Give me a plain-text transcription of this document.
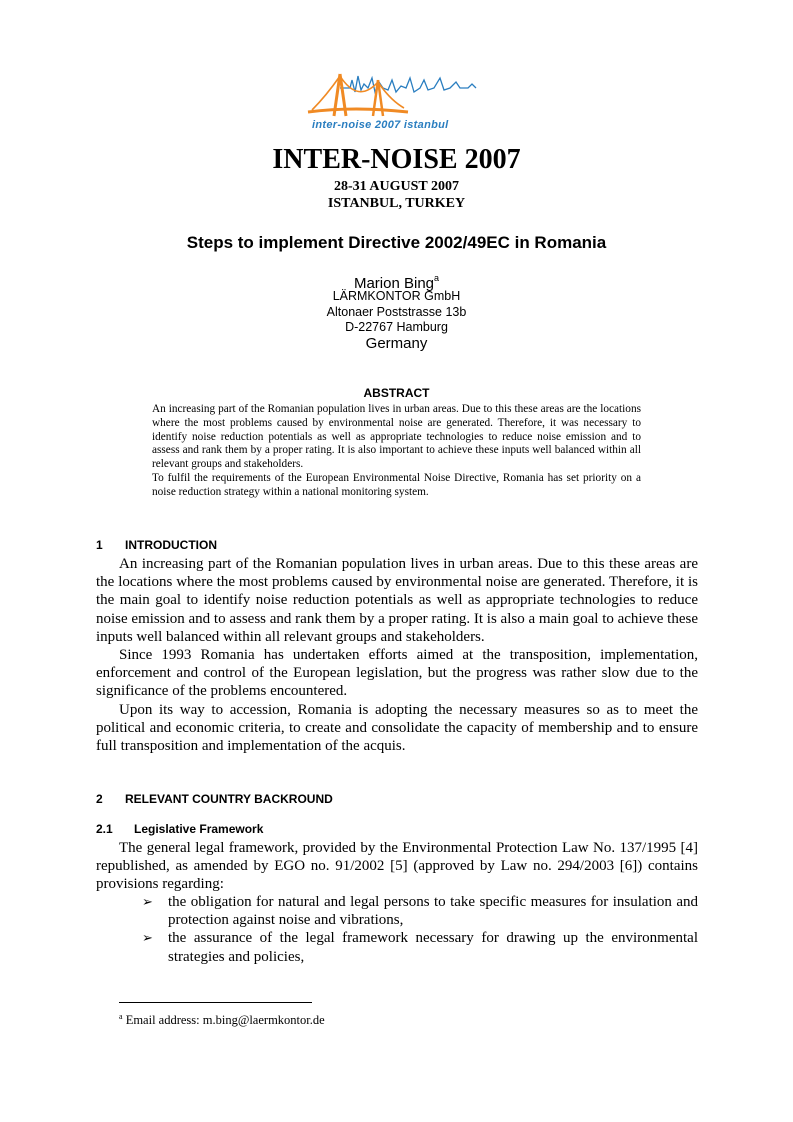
inter-noise 2007 istanbul
INTER-NOISE 2007
28-31 AUGUST 2007
ISTANBUL, TURKEY
Steps to implement Directive 2002/49EC in Romania
Marion Bing$^a$
LÄRMKONTOR GmbH
Altonaer Poststrasse 13b
D-22767 Hamburg
Germany
ABSTRACT

An increasing part of the Romanian population lives in urban areas. Due to this these areas are the locations where the most problems caused by environmental noise are generated. Therefore, it was necessary to identify noise reduction potentials as well as appropriate technologies to reduce noise emission and to assess and rank them by a proper rating. It is also important to achieve these inputs well balanced within all relevant groups and stakeholders.

To fulfil the requirements of the European Environmental Noise Directive, Romania has set priority on a noise reduction strategy within a national monitoring system.

1 INTRODUCTION

An increasing part of the Romanian population lives in urban areas. Due to this these areas are the locations where the most problems caused by environmental noise are generated. Therefore, it is the main goal to identify noise reduction potentials as well as appropriate technologies to reduce noise emission and to assess and rank them by a proper rating. It is also a main goal to achieve these inputs well balanced within all relevant groups and stakeholders.

Since 1993 Romania has undertaken efforts aimed at the transposition, implementation, enforcement and control of the European legislation, but the progress was rather slow due to the significance of the problems encountered.

Upon its way to accession, Romania is adopting the necessary measures so as to meet the political and economic criteria, to create and consolidate the capacity of membership and to ensure full transposition and implementation of the acquis.

2 RELEVANT COUNTRY BACKROUND
2.1 Legislative Framework

The general legal framework, provided by the Environmental Protection Law No. 137/1995 [4] republished, as amended by EGO no. 91/2002 [5] (approved by Law no. 294/2003 [6]) contains provisions regarding:

➢ the obligation for natural and legal persons to take specific measures for insulation and protection against noise and vibrations,
➢ the assurance of the legal framework necessary for drawing up the environmental strategies and policies,
$^a$ Email address: m.bing@laermkontor.de
